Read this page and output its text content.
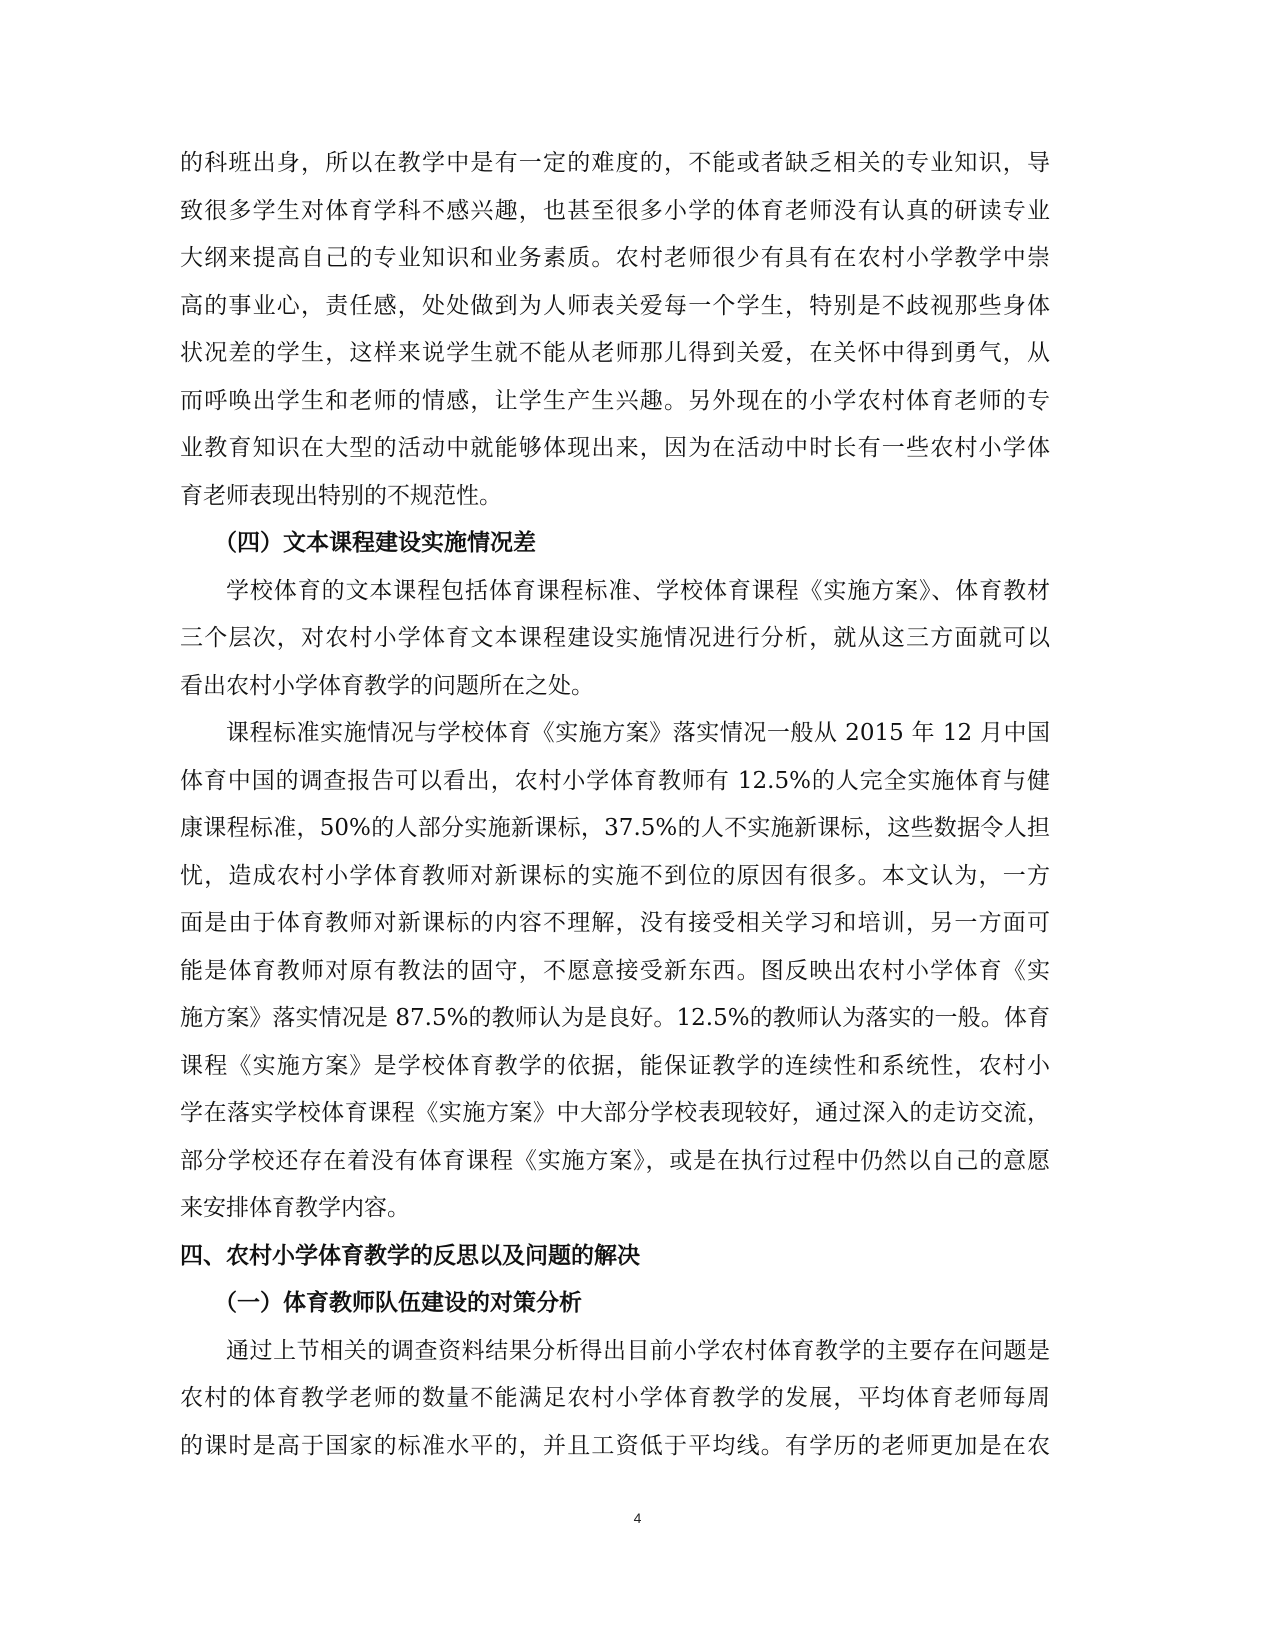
的科班出身，所以在教学中是有一定的难度的，不能或者缺乏相关的专业知识，导
致很多学生对体育学科不感兴趣，也甚至很多小学的体育老师没有认真的研读专业
大纲来提高自己的专业知识和业务素质。农村老师很少有具有在农村小学教学中崇
高的事业心，责任感，处处做到为人师表关爱每一个学生，特别是不歧视那些身体
状况差的学生，这样来说学生就不能从老师那儿得到关爱，在关怀中得到勇气，从
而呼唤出学生和老师的情感，让学生产生兴趣。另外现在的小学农村体育老师的专
业教育知识在大型的活动中就能够体现出来，因为在活动中时长有一些农村小学体
育老师表现出特别的不规范性。
（四）文本课程建设实施情况差
学校体育的文本课程包括体育课程标准、学校体育课程《实施方案》、体育教材
三个层次，对农村小学体育文本课程建设实施情况进行分析，就从这三方面就可以
看出农村小学体育教学的问题所在之处。
课程标准实施情况与学校体育《实施方案》落实情况一般从 2015 年 12 月中国
体育中国的调查报告可以看出，农村小学体育教师有 12.5%的人完全实施体育与健
康课程标准，50%的人部分实施新课标，37.5%的人不实施新课标，这些数据令人担
忧，造成农村小学体育教师对新课标的实施不到位的原因有很多。本文认为，一方
面是由于体育教师对新课标的内容不理解，没有接受相关学习和培训，另一方面可
能是体育教师对原有教法的固守，不愿意接受新东西。图反映出农村小学体育《实
施方案》落实情况是 87.5%的教师认为是良好。12.5%的教师认为落实的一般。体育
课程《实施方案》是学校体育教学的依据，能保证教学的连续性和系统性，农村小
学在落实学校体育课程《实施方案》中大部分学校表现较好，通过深入的走访交流，
部分学校还存在着没有体育课程《实施方案》，或是在执行过程中仍然以自己的意愿
来安排体育教学内容。
四、农村小学体育教学的反思以及问题的解决
（一）体育教师队伍建设的对策分析
通过上节相关的调查资料结果分析得出目前小学农村体育教学的主要存在问题是
农村的体育教学老师的数量不能满足农村小学体育教学的发展，平均体育老师每周
的课时是高于国家的标准水平的，并且工资低于平均线。有学历的老师更加是在农
4
